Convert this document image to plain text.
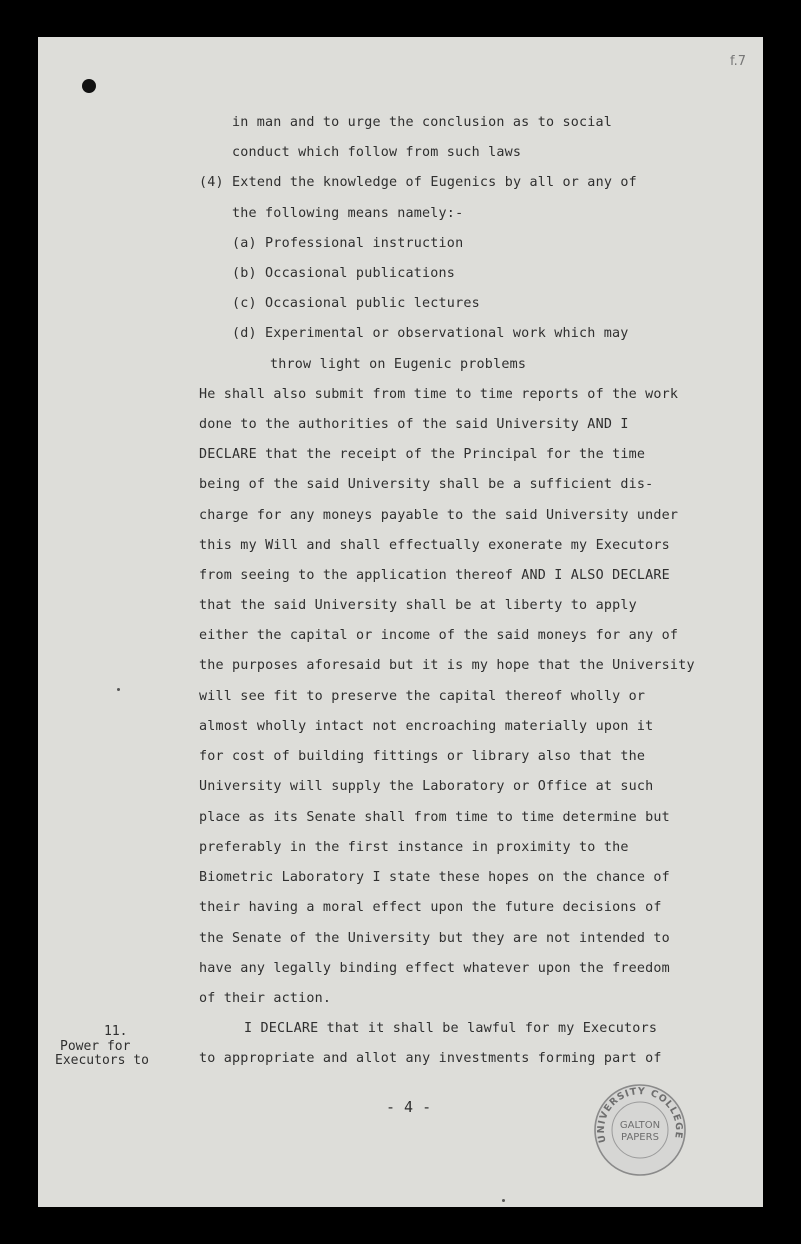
f.7
in man and to urge the conclusion as to social
conduct which follow from such laws
(4) Extend the knowledge of Eugenics by all or any of
the following means namely:-
(a) Professional instruction
(b) Occasional publications
(c) Occasional public lectures
(d) Experimental or observational work which may
throw light on Eugenic problems
He shall also submit from time to time reports of the work
done to the authorities of the said University AND I
DECLARE that the receipt of the Principal for the time
being of the said University shall be a sufficient dis-
charge for any moneys payable to the said University under
this my Will and shall effectually exonerate my Executors
from seeing to the application thereof AND I ALSO DECLARE
that the said University shall be at liberty to apply
either the capital or income of the said moneys for any of
the purposes aforesaid but it is my hope that the University
will see fit to preserve the capital thereof wholly or
almost wholly intact not encroaching materially upon it
for cost of building fittings or library also that the
University will supply the Laboratory or Office at such
place as its Senate shall from time to time determine but
preferably in the first instance in proximity to the
Biometric Laboratory I state these hopes on the chance of
their having a moral effect upon the future decisions of
the Senate of the University but they are not intended to
have any legally binding effect whatever upon the freedom
of their action.
I DECLARE that it shall be lawful for my Executors
to appropriate and allot any investments forming part of
11.
Power for
Executors to
- 4 -
UNIVERSITY COLLEGE
GALTON
PAPERS
